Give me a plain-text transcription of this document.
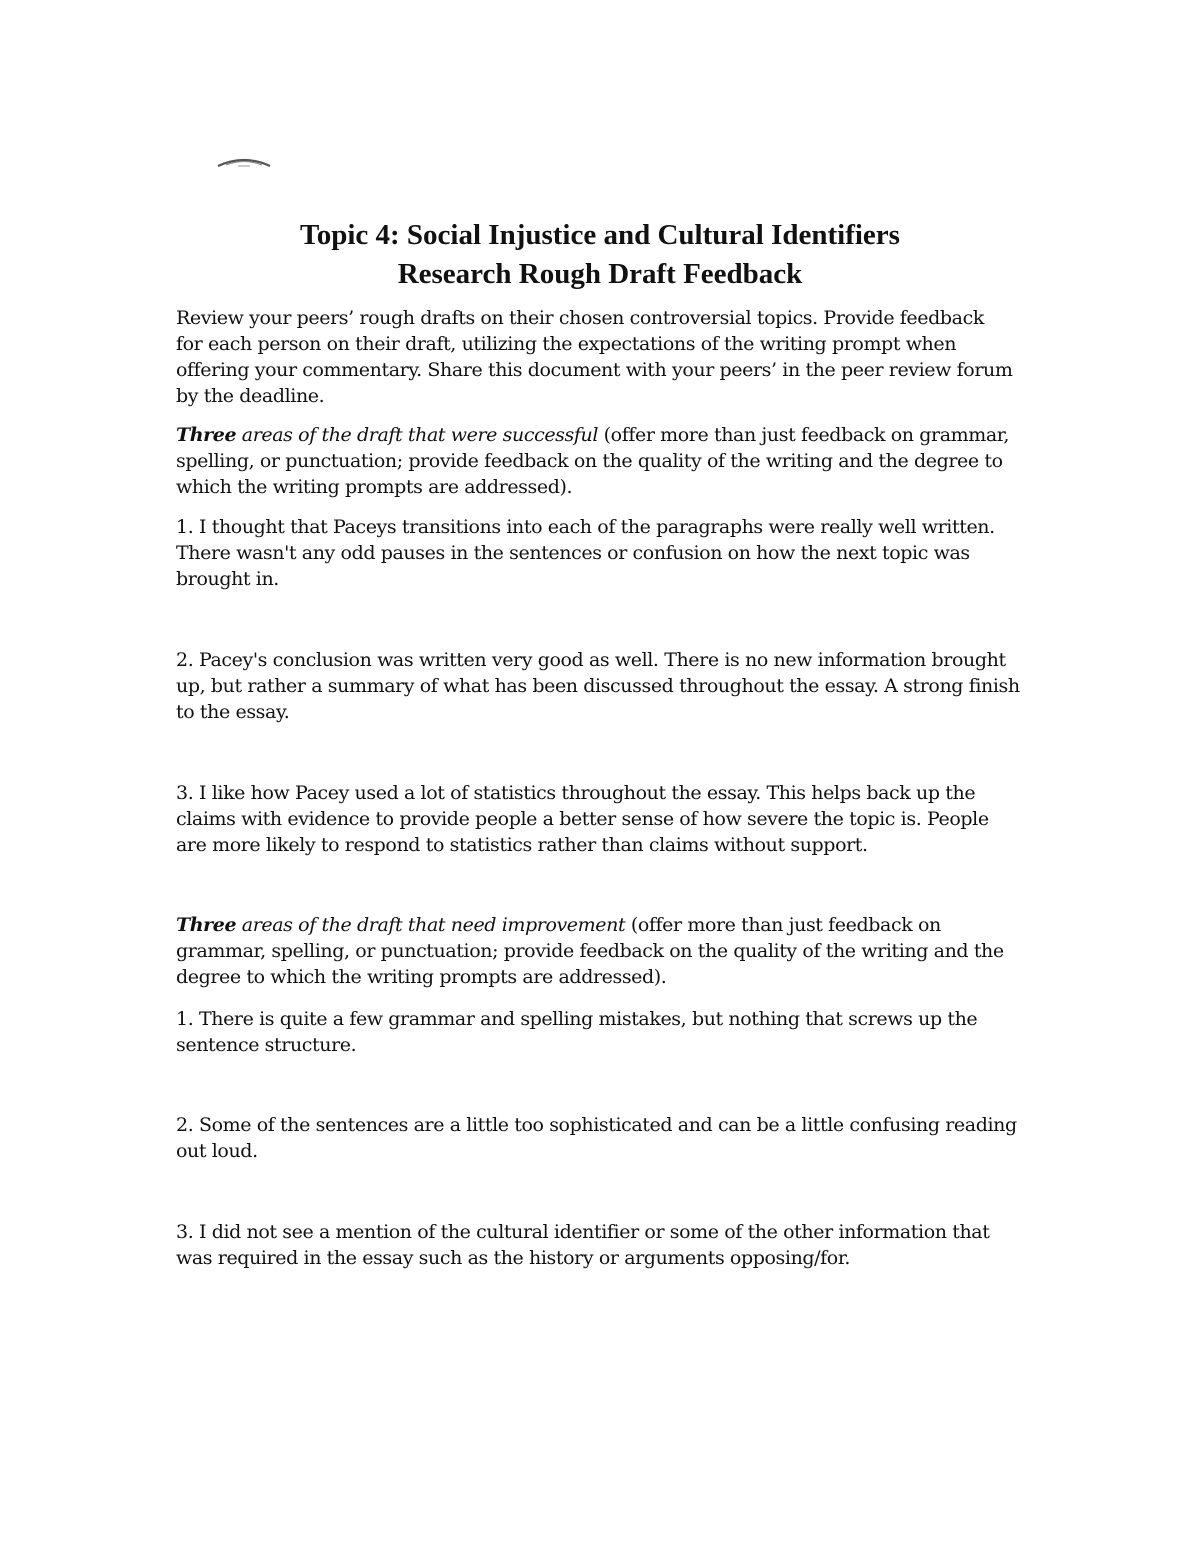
Topic 4: Social Injustice and Cultural Identifiers
Research Rough Draft Feedback
Review your peers’ rough drafts on their chosen controversial topics. Provide feedback
for each person on their draft, utilizing the expectations of the writing prompt when
offering your commentary. Share this document with your peers’ in the peer review forum
by the deadline.
Three areas of the draft that were successful (offer more than just feedback on grammar,
spelling, or punctuation; provide feedback on the quality of the writing and the degree to
which the writing prompts are addressed).
1. I thought that Paceys transitions into each of the paragraphs were really well written.
There wasn't any odd pauses in the sentences or confusion on how the next topic was
brought in.
2. Pacey's conclusion was written very good as well. There is no new information brought
up, but rather a summary of what has been discussed throughout the essay. A strong finish
to the essay.
3. I like how Pacey used a lot of statistics throughout the essay. This helps back up the
claims with evidence to provide people a better sense of how severe the topic is. People
are more likely to respond to statistics rather than claims without support.
Three areas of the draft that need improvement (offer more than just feedback on
grammar, spelling, or punctuation; provide feedback on the quality of the writing and the
degree to which the writing prompts are addressed).
1. There is quite a few grammar and spelling mistakes, but nothing that screws up the
sentence structure.
2. Some of the sentences are a little too sophisticated and can be a little confusing reading
out loud.
3. I did not see a mention of the cultural identifier or some of the other information that
was required in the essay such as the history or arguments opposing/for.
